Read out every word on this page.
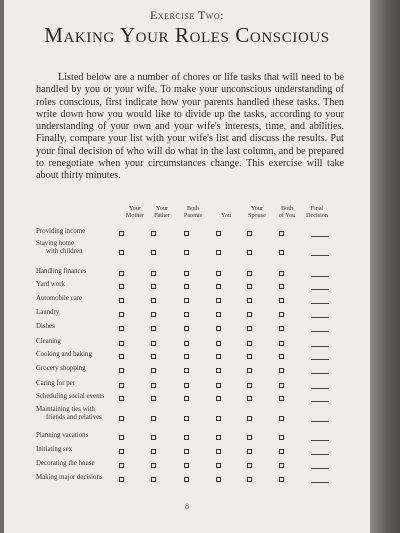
Exercise Two:
Making Your Roles Conscious
Listed below are a number of chores or life tasks that will need to be handled by you or your wife. To make your unconscious understanding of roles conscious, first indicate how your parents handled these tasks. Then write down how you would like to divide up the tasks, according to your understanding of your own and your wife's interests, time, and abilities. Finally, compare your list with your wife's list and discuss the results. Put your final decision of who will do what in the last column, and be prepared to renegotiate when your circumstances change. This exercise will take about thirty minutes.
Your
Mother
Your
Father
Both
Parents	You
Your
Spouse
Both
of You
Final
Decision
Providing income
Staying home
with children
Handling finances
Yard work
Automobile care
Laundry
Dishes
Cleaning
Cooking and baking
Grocery shopping
Caring for pet
Scheduling social events
Maintaining ties with
friends and relatives
Planning vacations
Initiating sex
Decorating the house
Making major decisions
8
